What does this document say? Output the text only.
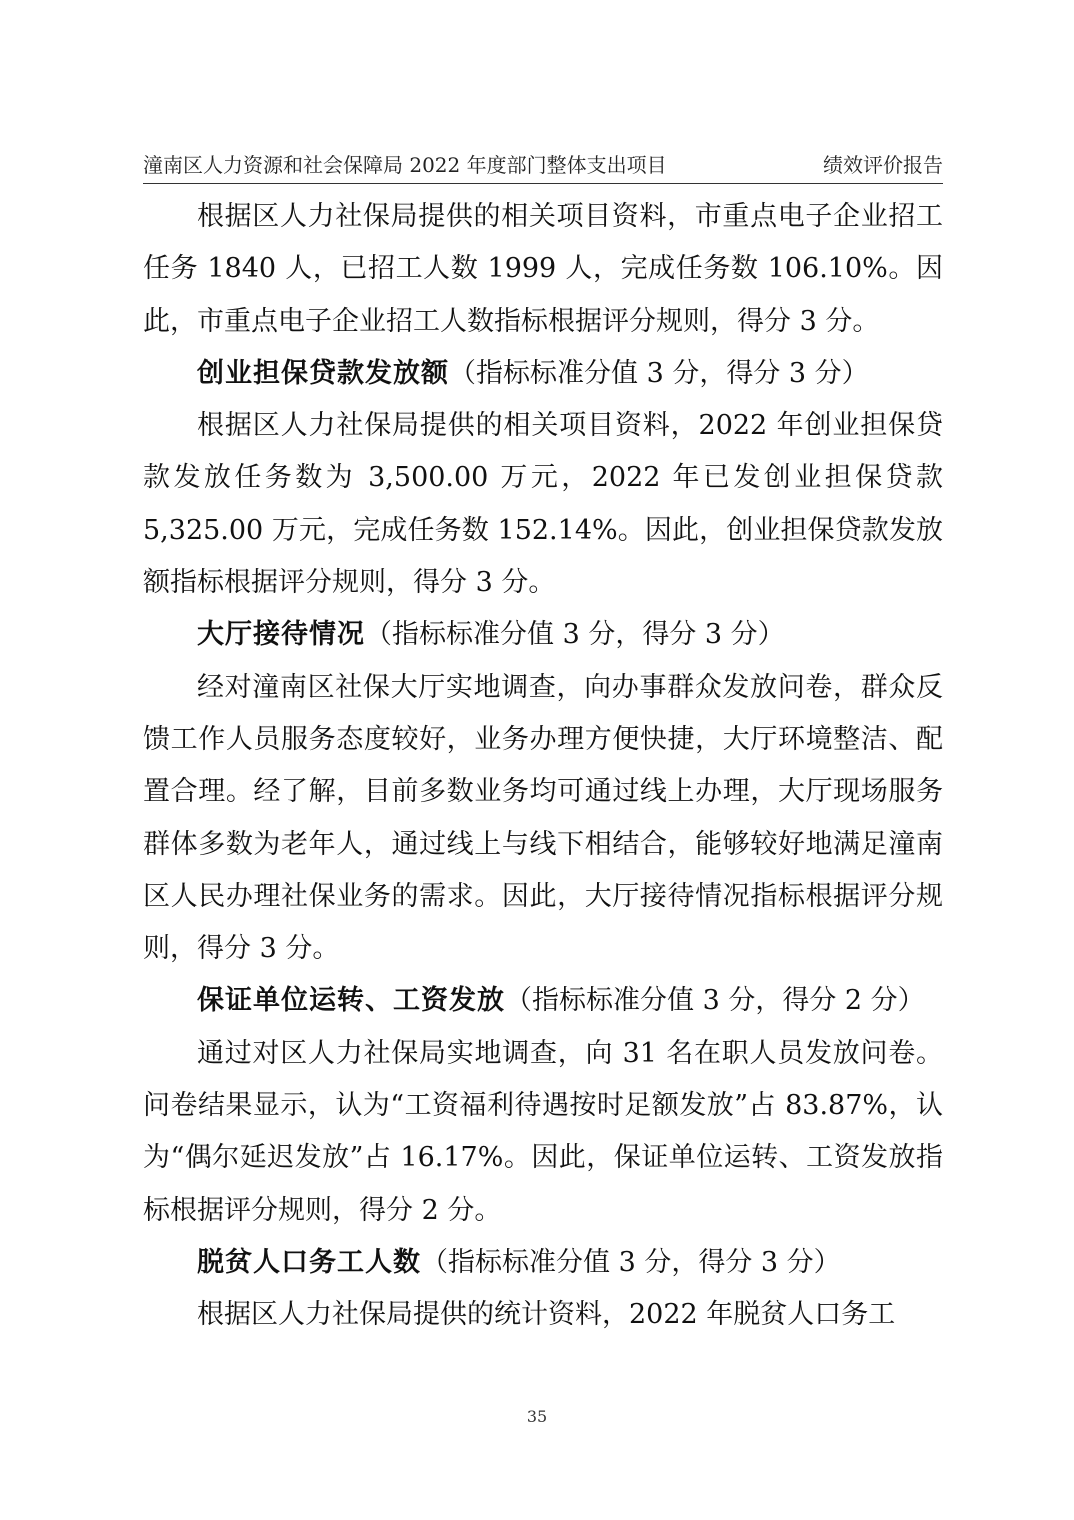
潼南区人力资源和社会保障局 2022 年度部门整体支出项目	绩效评价报告

根据区人力社保局提供的相关项目资料，市重点电子企业招工任务 1840 人，已招工人数 1999 人，完成任务数 106.10%。因此，市重点电子企业招工人数指标根据评分规则，得分 3 分。

创业担保贷款发放额（指标标准分值 3 分，得分 3 分）

根据区人力社保局提供的相关项目资料，2022 年创业担保贷款发放任务数为 3,500.00 万元，2022 年已发创业担保贷款 5,325.00 万元，完成任务数 152.14%。因此，创业担保贷款发放额指标根据评分规则，得分 3 分。

大厅接待情况（指标标准分值 3 分，得分 3 分）

经对潼南区社保大厅实地调查，向办事群众发放问卷，群众反馈工作人员服务态度较好，业务办理方便快捷，大厅环境整洁、配置合理。经了解，目前多数业务均可通过线上办理，大厅现场服务群体多数为老年人，通过线上与线下相结合，能够较好地满足潼南区人民办理社保业务的需求。因此，大厅接待情况指标根据评分规则，得分 3 分。

保证单位运转、工资发放（指标标准分值 3 分，得分 2 分）

通过对区人力社保局实地调查，向 31 名在职人员发放问卷。问卷结果显示，认为“工资福利待遇按时足额发放”占 83.87%，认为“偶尔延迟发放”占 16.17%。因此，保证单位运转、工资发放指标根据评分规则，得分 2 分。

脱贫人口务工人数（指标标准分值 3 分，得分 3 分）

根据区人力社保局提供的统计资料，2022 年脱贫人口务工

35
